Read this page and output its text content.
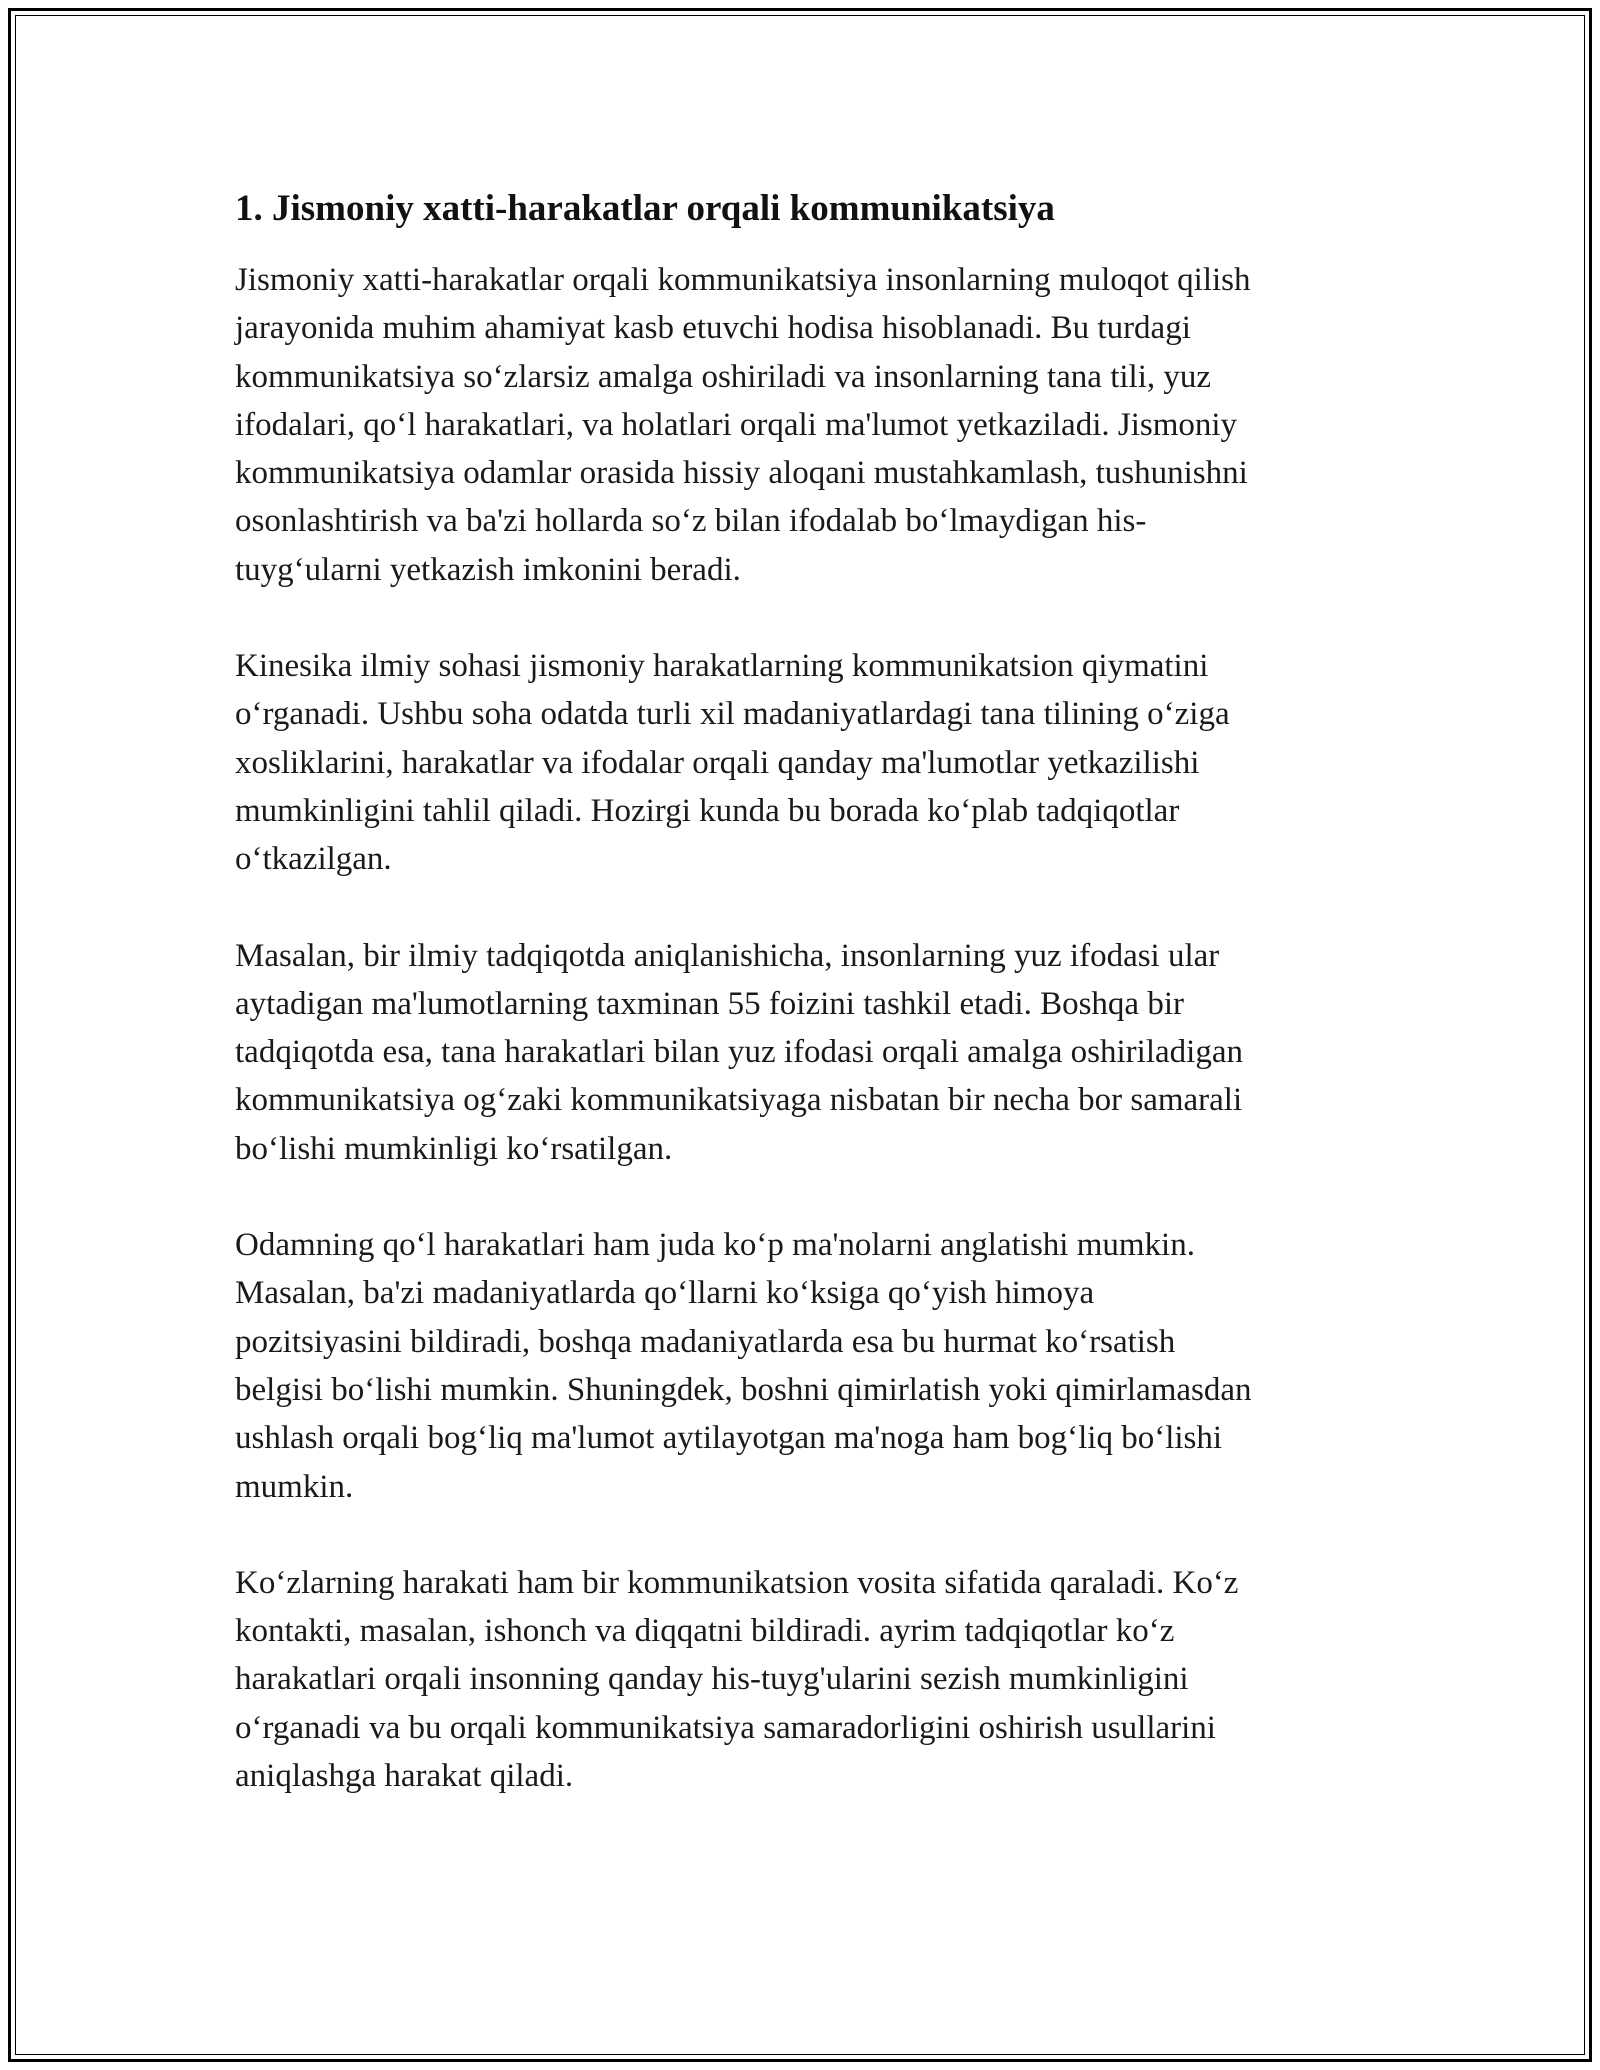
1. Jismoniy xatti-harakatlar orqali kommunikatsiya

Jismoniy xatti-harakatlar orqali kommunikatsiya insonlarning muloqot qilish
jarayonida muhim ahamiyat kasb etuvchi hodisa hisoblanadi. Bu turdagi
kommunikatsiya so‘zlarsiz amalga oshiriladi va insonlarning tana tili, yuz
ifodalari, qo‘l harakatlari, va holatlari orqali ma'lumot yetkaziladi. Jismoniy
kommunikatsiya odamlar orasida hissiy aloqani mustahkamlash, tushunishni
osonlashtirish va ba'zi hollarda so‘z bilan ifodalab bo‘lmaydigan his-
tuyg‘ularni yetkazish imkonini beradi.

Kinesika ilmiy sohasi jismoniy harakatlarning kommunikatsion qiymatini
o‘rganadi. Ushbu soha odatda turli xil madaniyatlardagi tana tilining o‘ziga
xosliklarini, harakatlar va ifodalar orqali qanday ma'lumotlar yetkazilishi
mumkinligini tahlil qiladi. Hozirgi kunda bu borada ko‘plab tadqiqotlar
o‘tkazilgan.

Masalan, bir ilmiy tadqiqotda aniqlanishicha, insonlarning yuz ifodasi ular
aytadigan ma'lumotlarning taxminan 55 foizini tashkil etadi. Boshqa bir
tadqiqotda esa, tana harakatlari bilan yuz ifodasi orqali amalga oshiriladigan
kommunikatsiya og‘zaki kommunikatsiyaga nisbatan bir necha bor samarali
bo‘lishi mumkinligi ko‘rsatilgan.

Odamning qo‘l harakatlari ham juda ko‘p ma'nolarni anglatishi mumkin.
Masalan, ba'zi madaniyatlarda qo‘llarni ko‘ksiga qo‘yish himoya
pozitsiyasini bildiradi, boshqa madaniyatlarda esa bu hurmat ko‘rsatish
belgisi bo‘lishi mumkin. Shuningdek, boshni qimirlatish yoki qimirlamasdan
ushlash orqali bog‘liq ma'lumot aytilayotgan ma'noga ham bog‘liq bo‘lishi
mumkin.

Ko‘zlarning harakati ham bir kommunikatsion vosita sifatida qaraladi. Ko‘z
kontakti, masalan, ishonch va diqqatni bildiradi. ayrim tadqiqotlar ko‘z
harakatlari orqali insonning qanday his-tuyg'ularini sezish mumkinligini
o‘rganadi va bu orqali kommunikatsiya samaradorligini oshirish usullarini
aniqlashga harakat qiladi.
